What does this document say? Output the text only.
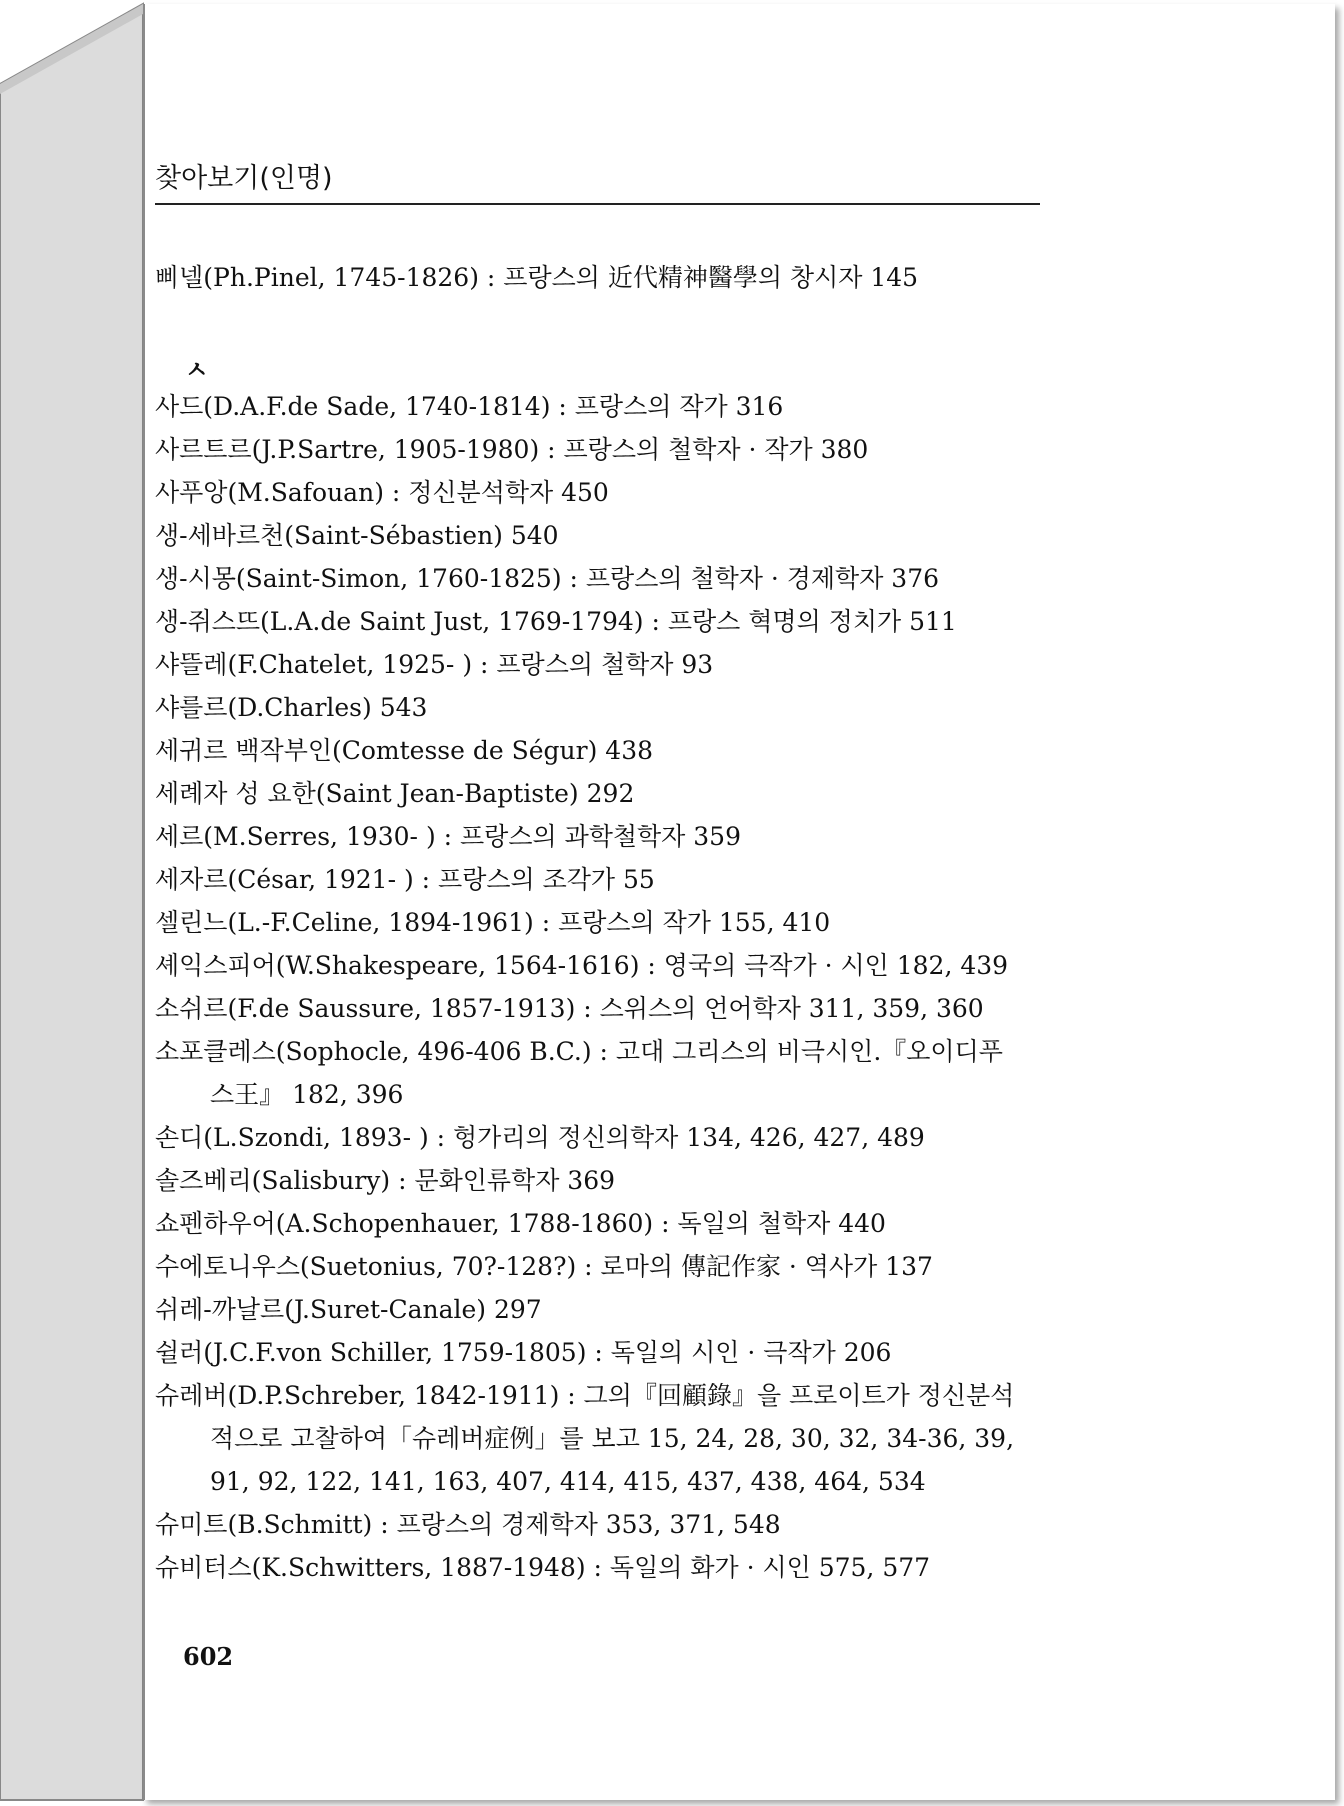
찾아보기(인명)
삐넬(Ph.Pinel, 1745-1826) : 프랑스의 近代精神醫學의 창시자 145
사드(D.A.F.de Sade, 1740-1814) : 프랑스의 작가 316
사르트르(J.P.Sartre, 1905-1980) : 프랑스의 철학자 · 작가 380
사푸앙(M.Safouan) : 정신분석학자 450
생-세바르천(Saint-Sébastien) 540
생-시몽(Saint-Simon, 1760-1825) : 프랑스의 철학자 · 경제학자 376
생-쥐스뜨(L.A.de Saint Just, 1769-1794) : 프랑스 혁명의 정치가 511
샤뜰레(F.Chatelet, 1925- ) : 프랑스의 철학자 93
샤를르(D.Charles) 543
세귀르 백작부인(Comtesse de Ségur) 438
세례자 성 요한(Saint Jean-Baptiste) 292
세르(M.Serres, 1930- ) : 프랑스의 과학철학자 359
세자르(César, 1921- ) : 프랑스의 조각가 55
셀린느(L.-F.Celine, 1894-1961) : 프랑스의 작가 155, 410
셰익스피어(W.Shakespeare, 1564-1616) : 영국의 극작가 · 시인 182, 439
소쉬르(F.de Saussure, 1857-1913) : 스위스의 언어학자 311, 359, 360
소포클레스(Sophocle, 496-406 B.C.) : 고대 그리스의 비극시인.『오이디푸
스王』 182, 396
손디(L.Szondi, 1893- ) : 헝가리의 정신의학자 134, 426, 427, 489
솔즈베리(Salisbury) : 문화인류학자 369
쇼펜하우어(A.Schopenhauer, 1788-1860) : 독일의 철학자 440
수에토니우스(Suetonius, 70?-128?) : 로마의 傳記作家 · 역사가 137
쉬레-까날르(J.Suret-Canale) 297
쉴러(J.C.F.von Schiller, 1759-1805) : 독일의 시인 · 극작가 206
슈레버(D.P.Schreber, 1842-1911) : 그의『回顧錄』을 프로이트가 정신분석
적으로 고찰하여「슈레버症例」를 보고 15, 24, 28, 30, 32, 34-36, 39,
91, 92, 122, 141, 163, 407, 414, 415, 437, 438, 464, 534
슈미트(B.Schmitt) : 프랑스의 경제학자 353, 371, 548
슈비터스(K.Schwitters, 1887-1948) : 독일의 화가 · 시인 575, 577
ㅅ
602
